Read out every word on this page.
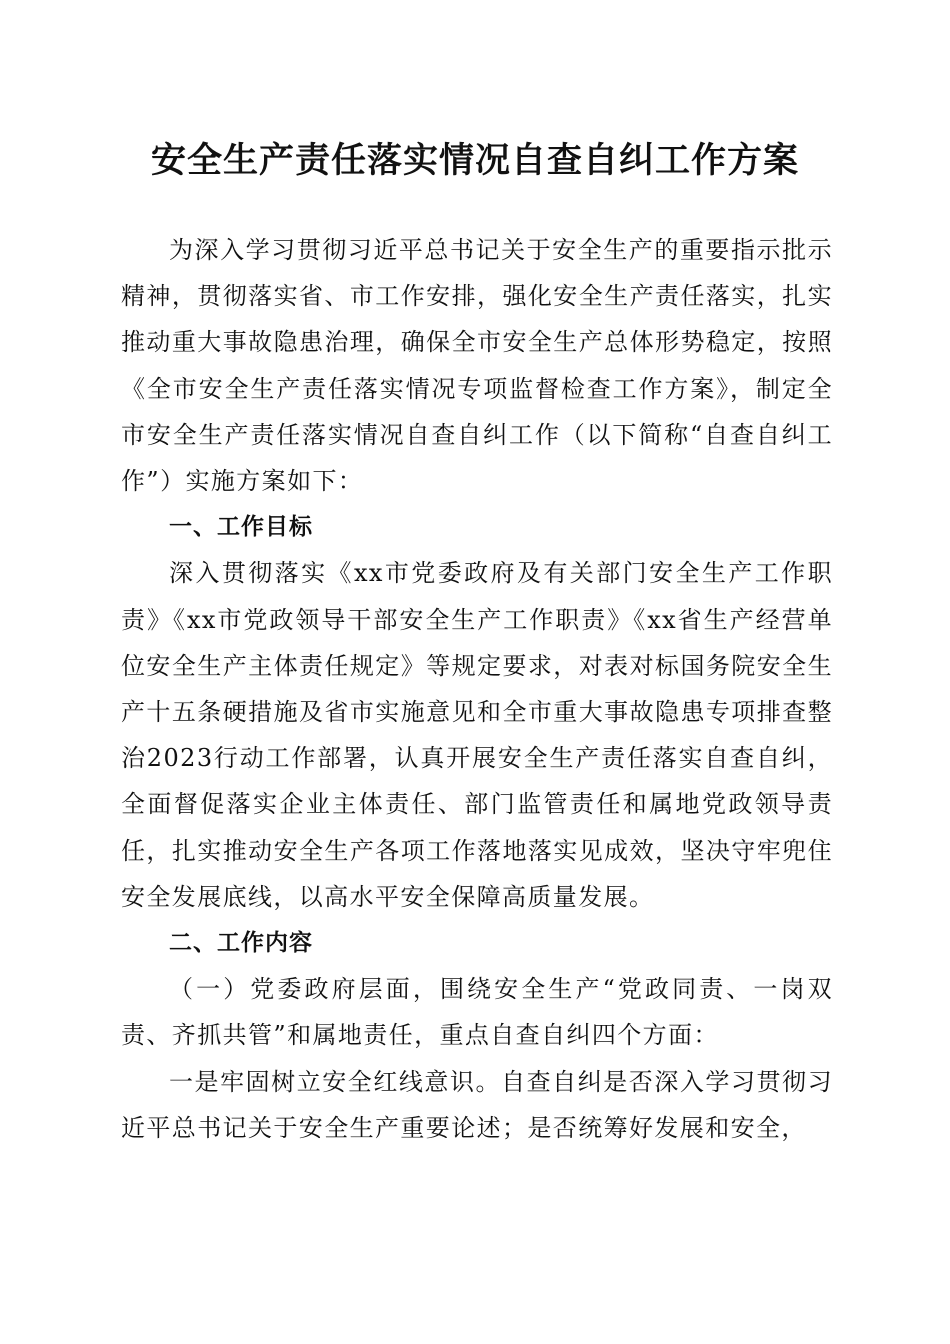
安全生产责任落实情况自查自纠工作方案

为深入学习贯彻习近平总书记关于安全生产的重要指示批示精神，贯彻落实省、市工作安排，强化安全生产责任落实，扎实推动重大事故隐患治理，确保全市安全生产总体形势稳定，按照《全市安全生产责任落实情况专项监督检查工作方案》，制定全市安全生产责任落实情况自查自纠工作（以下简称“自查自纠工作”）实施方案如下：

一、工作目标

深入贯彻落实《xx市党委政府及有关部门安全生产工作职责》《xx市党政领导干部安全生产工作职责》《xx省生产经营单位安全生产主体责任规定》等规定要求，对表对标国务院安全生产十五条硬措施及省市实施意见和全市重大事故隐患专项排查整治2023行动工作部署，认真开展安全生产责任落实自查自纠，全面督促落实企业主体责任、部门监管责任和属地党政领导责任，扎实推动安全生产各项工作落地落实见成效，坚决守牢兜住安全发展底线，以高水平安全保障高质量发展。

二、工作内容

（一）党委政府层面，围绕安全生产“党政同责、一岗双责、齐抓共管”和属地责任，重点自查自纠四个方面：

一是牢固树立安全红线意识。自查自纠是否深入学习贯彻习近平总书记关于安全生产重要论述；是否统筹好发展和安全，
